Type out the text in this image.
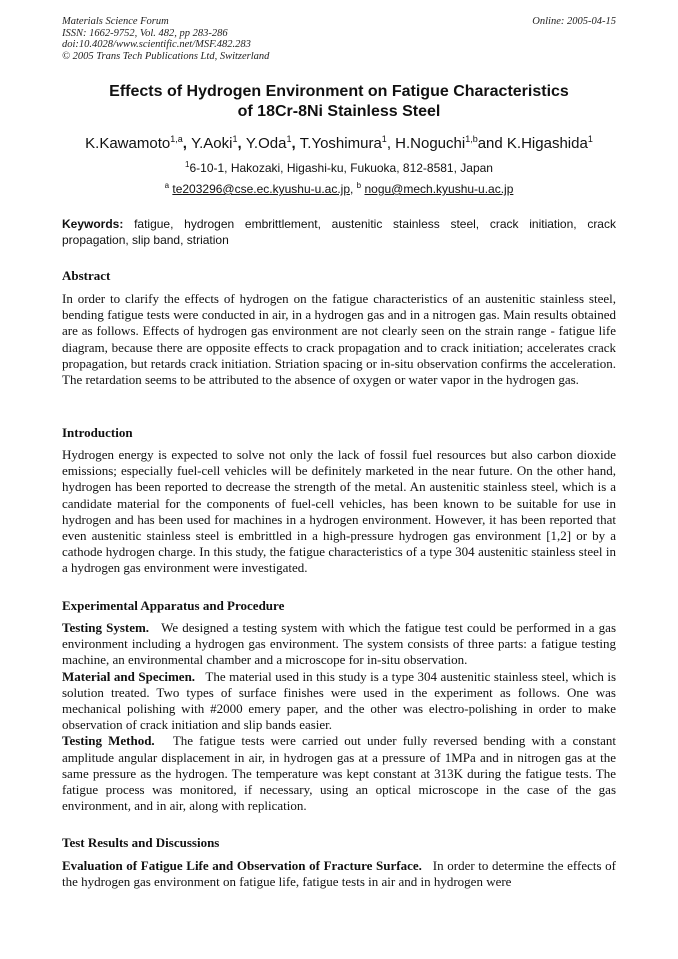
Materials Science Forum
ISSN: 1662-9752, Vol. 482, pp 283-286
doi:10.4028/www.scientific.net/MSF.482.283
© 2005 Trans Tech Publications Ltd, Switzerland
Online: 2005-04-15
Effects of Hydrogen Environment on Fatigue Characteristics
of 18Cr-8Ni Stainless Steel
K.Kawamoto$^{1,a}$, Y.Aoki$^1$, Y.Oda$^1$, T.Yoshimura$^1$, H.Noguchi$^{1,b}$and K.Higashida$^1$
$^1$6-10-1, Hakozaki, Higashi-ku, Fukuoka, 812-8581, Japan
$^a$ te203296@cse.ec.kyushu-u.ac.jp, $^b$ nogu@mech.kyushu-u.ac.jp
Keywords: fatigue, hydrogen embrittlement, austenitic stainless steel, crack initiation, crack propagation, slip band, striation
Abstract

In order to clarify the effects of hydrogen on the fatigue characteristics of an austenitic stainless steel, bending fatigue tests were conducted in air, in a hydrogen gas and in a nitrogen gas. Main results obtained are as follows. Effects of hydrogen gas environment are not clearly seen on the strain range - fatigue life diagram, because there are opposite effects to crack propagation and to crack initiation; accelerates crack propagation, but retards crack initiation. Striation spacing or in-situ observation confirms the acceleration. The retardation seems to be attributed to the absence of oxygen or water vapor in the hydrogen gas.

Introduction

Hydrogen energy is expected to solve not only the lack of fossil fuel resources but also carbon dioxide emissions; especially fuel-cell vehicles will be definitely marketed in the near future. On the other hand, hydrogen has been reported to decrease the strength of the metal. An austenitic stainless steel, which is a candidate material for the components of fuel-cell vehicles, has been known to be suitable for use in hydrogen and has been used for machines in a hydrogen environment. However, it has been reported that even austenitic stainless steel is embrittled in a high-pressure hydrogen gas environment [1,2] or by a cathode hydrogen charge. In this study, the fatigue characteristics of a type 304 austenitic stainless steel in a hydrogen gas environment were investigated.

Experimental Apparatus and Procedure

Testing System. We designed a testing system with which the fatigue test could be performed in a gas environment including a hydrogen gas environment. The system consists of three parts: a fatigue testing machine, an environmental chamber and a microscope for in-situ observation.

Material and Specimen. The material used in this study is a type 304 austenitic stainless steel, which is solution treated. Two types of surface finishes were used in the experiment as follows. One was mechanical polishing with #2000 emery paper, and the other was electro-polishing in order to make observation of crack initiation and slip bands easier.

Testing Method. The fatigue tests were carried out under fully reversed bending with a constant amplitude angular displacement in air, in hydrogen gas at a pressure of 1MPa and in nitrogen gas at the same pressure as the hydrogen. The temperature was kept constant at 313K during the fatigue tests. The fatigue process was monitored, if necessary, using an optical microscope in the case of the gas environment, and in air, along with replication.

Test Results and Discussions

Evaluation of Fatigue Life and Observation of Fracture Surface. In order to determine the effects of the hydrogen gas environment on fatigue life, fatigue tests in air and in hydrogen were
